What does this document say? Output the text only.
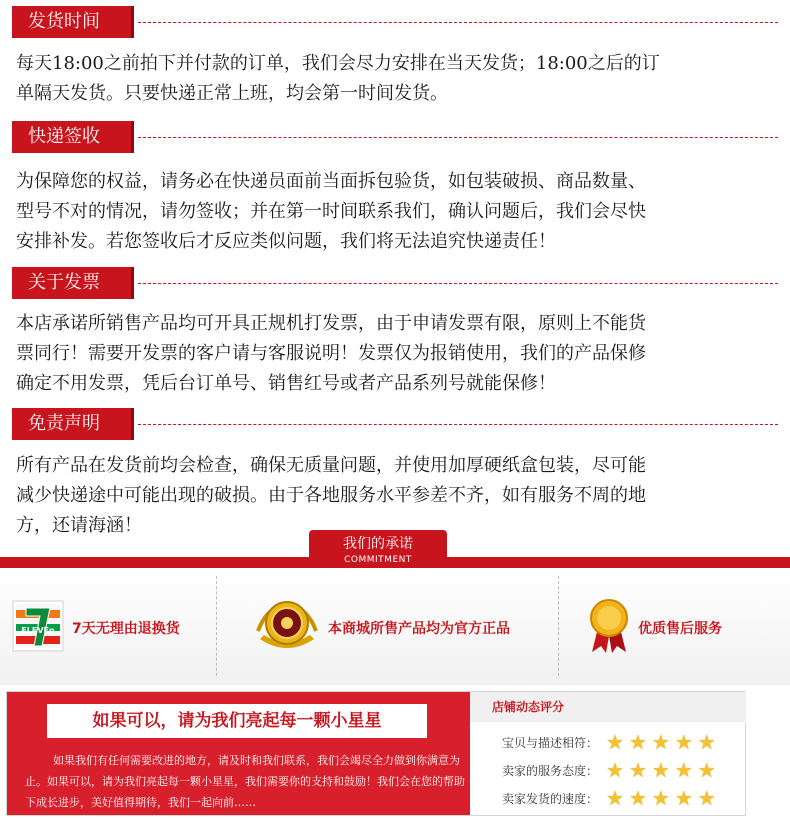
发货时间
每天18:00之前拍下并付款的订单，我们会尽力安排在当天发货；18:00之后的订
单隔天发货。只要快递正常上班，均会第一时间发货。
快递签收
为保障您的权益，请务必在快递员面前当面拆包验货，如包装破损、商品数量、
型号不对的情况，请勿签收；并在第一时间联系我们，确认问题后，我们会尽快
安排补发。若您签收后才反应类似问题，我们将无法追究快递责任！
关于发票
本店承诺所销售产品均可开具正规机打发票，由于申请发票有限，原则上不能货
票同行！需要开发票的客户请与客服说明！发票仅为报销使用，我们的产品保修
确定不用发票，凭后台订单号、销售红号或者产品系列号就能保修！
免责声明
所有产品在发货前均会检查，确保无质量问题，并使用加厚硬纸盒包装，尽可能
减少快递途中可能出现的破损。由于各地服务水平参差不齐，如有服务不周的地
方，还请海涵！
我们的承诺
COMMITMENT
ELEVEn 7天无理由退换货	本商城所售产品均为官方正品	优质售后服务
如果可以，请为我们亮起每一颗小星星
如果我们有任何需要改进的地方，请及时和我们联系，我们会竭尽全力做到你满意为止。如果可以，请为我们亮起每一颗小星星，我们需要你的支持和鼓励！我们会在您的帮助下成长进步，美好值得期待，我们一起向前……
店铺动态评分
宝贝与描述相符： ★ ★ ★ ★ ★
卖家的服务态度： ★ ★ ★ ★ ★
卖家发货的速度： ★ ★ ★ ★ ★
